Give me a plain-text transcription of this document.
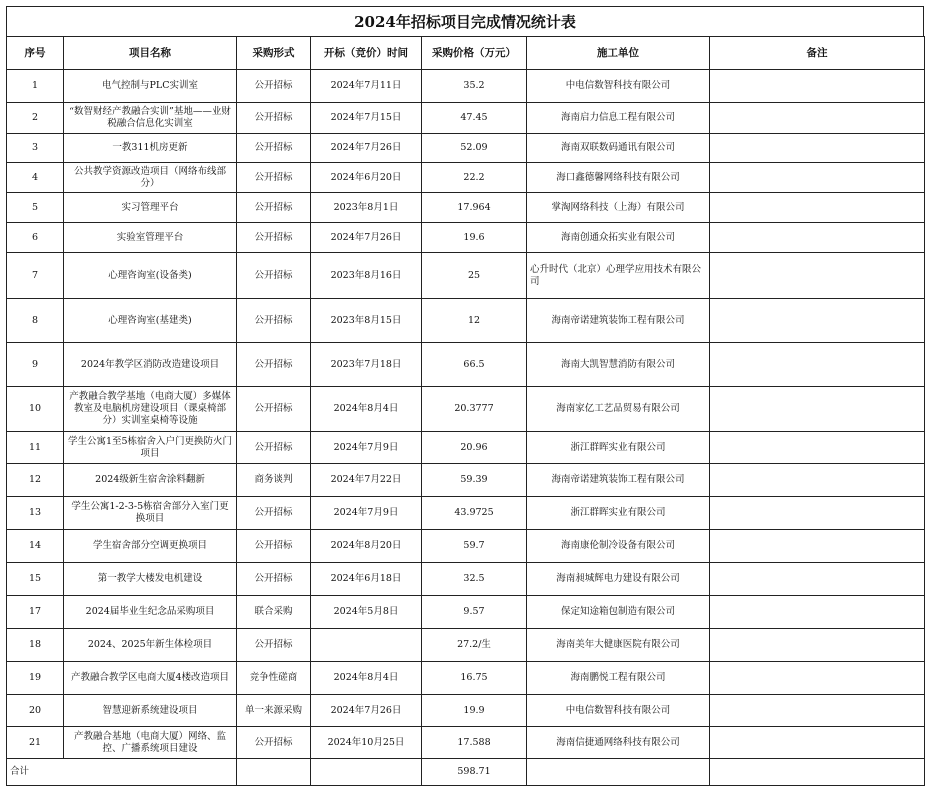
2024年招标项目完成情况统计表
序号	项目名称	采购形式	开标（竞价）时间	采购价格（万元）	施工单位	备注
1	电气控制与PLC实训室	公开招标	2024年7月11日	35.2	中电信数智科技有限公司	
2	“数智财经产教融合实训”基地——业财税融合信息化实训室	公开招标	2024年7月15日	47.45	海南启力信息工程有限公司	
3	一教311机房更新	公开招标	2024年7月26日	52.09	海南双联数码通讯有限公司	
4	公共教学资源改造项目（网络布线部分）	公开招标	2024年6月20日	22.2	海口鑫德馨网络科技有限公司	
5	实习管理平台	公开招标	2023年8月1日	17.964	掌淘网络科技（上海）有限公司	
6	实验室管理平台	公开招标	2024年7月26日	19.6	海南创通众拓实业有限公司	
7	心理咨询室(设备类)	公开招标	2023年8月16日	25	心升时代（北京）心理学应用技术有限公司	
8	心理咨询室(基建类)	公开招标	2023年8月15日	12	海南帝诺建筑装饰工程有限公司	
9	2024年教学区消防改造建设项目	公开招标	2023年7月18日	66.5	海南大凯智慧消防有限公司	
10	产教融合教学基地（电商大厦）多媒体教室及电脑机房建设项目（课桌椅部分）实训室桌椅等设施	公开招标	2024年8月4日	20.3777	海南家亿工艺品贸易有限公司	
11	学生公寓1至5栋宿舍入户门更换防火门项目	公开招标	2024年7月9日	20.96	浙江群晖实业有限公司	
12	2024级新生宿舍涂料翻新	商务谈判	2024年7月22日	59.39	海南帝诺建筑装饰工程有限公司	
13	学生公寓1-2-3-5栋宿舍部分入室门更换项目	公开招标	2024年7月9日	43.9725	浙江群晖实业有限公司	
14	学生宿舍部分空调更换项目	公开招标	2024年8月20日	59.7	海南康伦制冷设备有限公司	
15	第一教学大楼发电机建设	公开招标	2024年6月18日	32.5	海南昶城辉电力建设有限公司	
17	2024届毕业生纪念品采购项目	联合采购	2024年5月8日	9.57	保定知途箱包制造有限公司	
18	2024、2025年新生体检项目	公开招标		27.2/生	海南美年大健康医院有限公司	
19	产教融合教学区电商大厦4楼改造项目	竞争性磋商	2024年8月4日	16.75	海南鹏悦工程有限公司	
20	智慧迎新系统建设项目	单一来源采购	2024年7月26日	19.9	中电信数智科技有限公司	
21	产教融合基地（电商大厦）网络、监控、广播系统项目建设	公开招标	2024年10月25日	17.588	海南信捷通网络科技有限公司	
合计				598.71		
